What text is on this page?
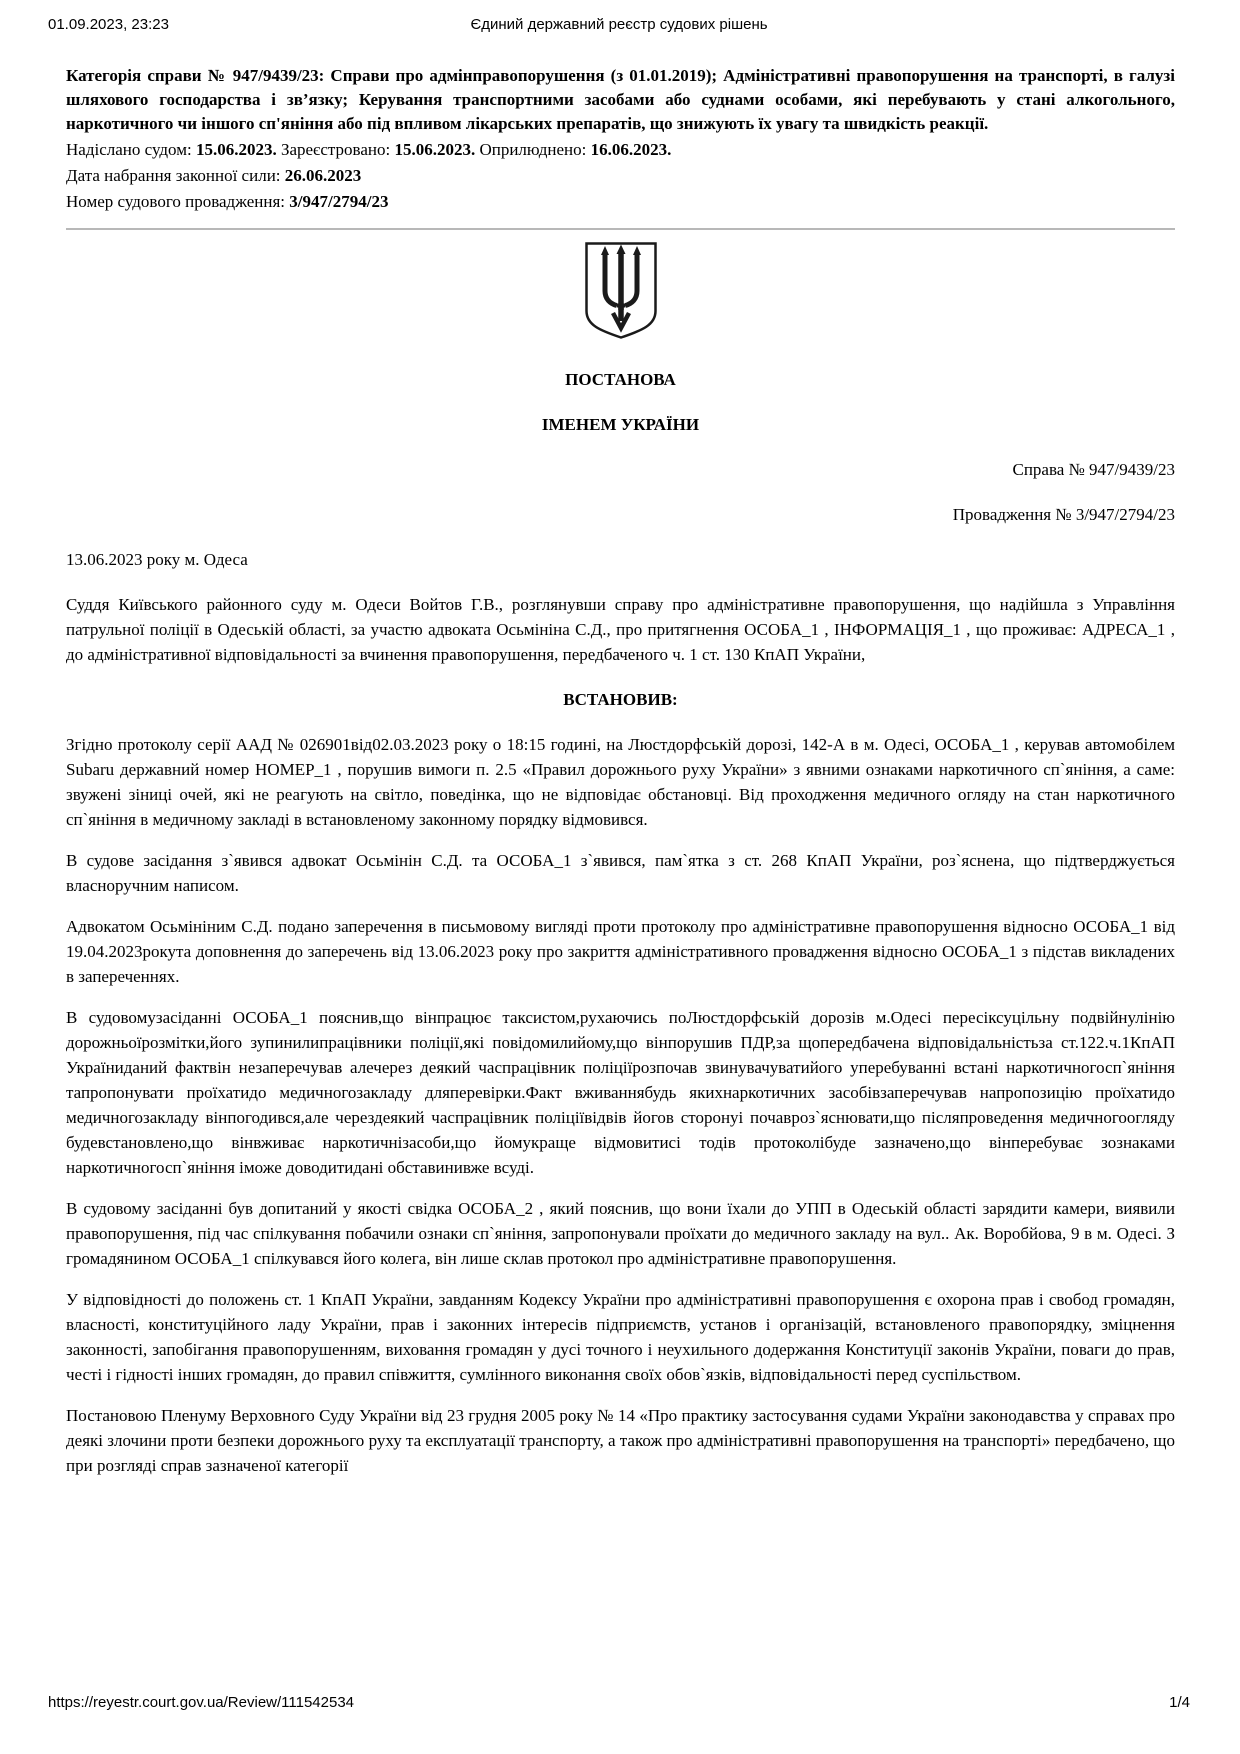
01.09.2023, 23:23	Єдиний державний реєстр судових рішень

Категорія справи № 947/9439/23: Справи про адмінправопорушення (з 01.01.2019); Адміністративні правопорушення на транспорті, в галузі шляхового господарства і зв’язку; Керування транспортними засобами або суднами особами, які перебувають у стані алкогольного, наркотичного чи іншого сп'яніння або під впливом лікарських препаратів, що знижують їх увагу та швидкість реакції.

Надіслано судом: 15.06.2023. Зареєстровано: 15.06.2023. Оприлюднено: 16.06.2023.

Дата набрання законної сили: 26.06.2023

Номер судового провадження: 3/947/2794/23

ПОСТАНОВА

ІМЕНЕМ УКРАЇНИ

Справа № 947/9439/23

Провадження № 3/947/2794/23

13.06.2023 року м. Одеса

Суддя Київського районного суду м. Одеси Войтов Г.В., розглянувши справу про адміністративне правопорушення, що надійшла з Управління патрульної поліції в Одеській області, за участю адвоката Осьмініна С.Д., про притягнення ОСОБА_1 , ІНФОРМАЦІЯ_1 , що проживає: АДРЕСА_1 , до адміністративної відповідальності за вчинення правопорушення, передбаченого ч. 1 ст. 130 КпАП України,

ВСТАНОВИВ:

Згідно протоколу серії ААД № 026901від02.03.2023 року о 18:15 годині, на Люстдорфській дорозі, 142-А в м. Одесі, ОСОБА_1 , керував автомобілем Subaru державний номер НОМЕР_1 , порушив вимоги п. 2.5 «Правил дорожнього руху України» з явними ознаками наркотичного сп`яніння, а саме: звужені зіниці очей, які не реагують на світло, поведінка, що не відповідає обстановці. Від проходження медичного огляду на стан наркотичного сп`яніння в медичному закладі в встановленому законному порядку відмовився.

В судове засідання з`явився адвокат Осьмінін С.Д. та ОСОБА_1 з`явився, пам`ятка з ст. 268 КпАП України, роз`яснена, що підтверджується власноручним написом.

Адвокатом Осьмініним С.Д. подано заперечення в письмовому вигляді проти протоколу про адміністративне правопорушення відносно ОСОБА_1 від 19.04.2023рокута доповнення до заперечень від 13.06.2023 року про закриття адміністративного провадження відносно ОСОБА_1 з підстав викладених в запереченнях.

В судовомузасіданні ОСОБА_1 пояснив,що вінпрацює таксистом,рухаючись поЛюстдорфській дорозів м.Одесі пересіксуцільну подвійнулінію дорожньоїрозмітки,його зупинилипрацівники поліції,які повідомилийому,що вінпорушив ПДР,за щопередбачена відповідальністьза ст.122.ч.1КпАП Україниданий фактвін незаперечував алечерез деякий часпрацівник поліціїрозпочав звинувачуватийого уперебуванні встані наркотичногосп`яніння тапропонувати проїхатидо медичногозакладу дляперевірки.Факт вживаннябудь якихнаркотичних засобівзаперечував напропозицію проїхатидо медичногозакладу вінпогодився,але черездеякий часпрацівник поліціївідвів йогов сторонуі почавроз`яснювати,що післяпроведення медичногоогляду будевстановлено,що вінвживає наркотичнізасоби,що йомукраще відмовитисі тодів протоколібуде зазначено,що вінперебуває зознаками наркотичногосп`яніння іможе доводитидані обставинивже всуді.

В судовому засіданні був допитаний у якості свідка ОСОБА_2 , який пояснив, що вони їхали до УПП в Одеській області зарядити камери, виявили правопорушення, під час спілкування побачили ознаки сп`яніння, запропонували проїхати до медичного закладу на вул.. Ак. Воробйова, 9 в м. Одесі. З громадянином ОСОБА_1 спілкувався його колега, він лише склав протокол про адміністративне правопорушення.

У відповідності до положень ст. 1 КпАП України, завданням Кодексу України про адміністративні правопорушення є охорона прав і свобод громадян, власності, конституційного ладу України, прав і законних інтересів підприємств, установ і організацій, встановленого правопорядку, зміцнення законності, запобігання правопорушенням, виховання громадян у дусі точного і неухильного додержання Конституції законів України, поваги до прав, честі і гідності інших громадян, до правил співжиття, сумлінного виконання своїх обов`язків, відповідальності перед суспільством.

Постановою Пленуму Верховного Суду України від 23 грудня 2005 року № 14 «Про практику застосування судами України законодавства у справах про деякі злочини проти безпеки дорожнього руху та експлуатації транспорту, а також про адміністративні правопорушення на транспорті» передбачено, що при розгляді справ зазначеної категорії

https://reyestr.court.gov.ua/Review/111542534	1/4
